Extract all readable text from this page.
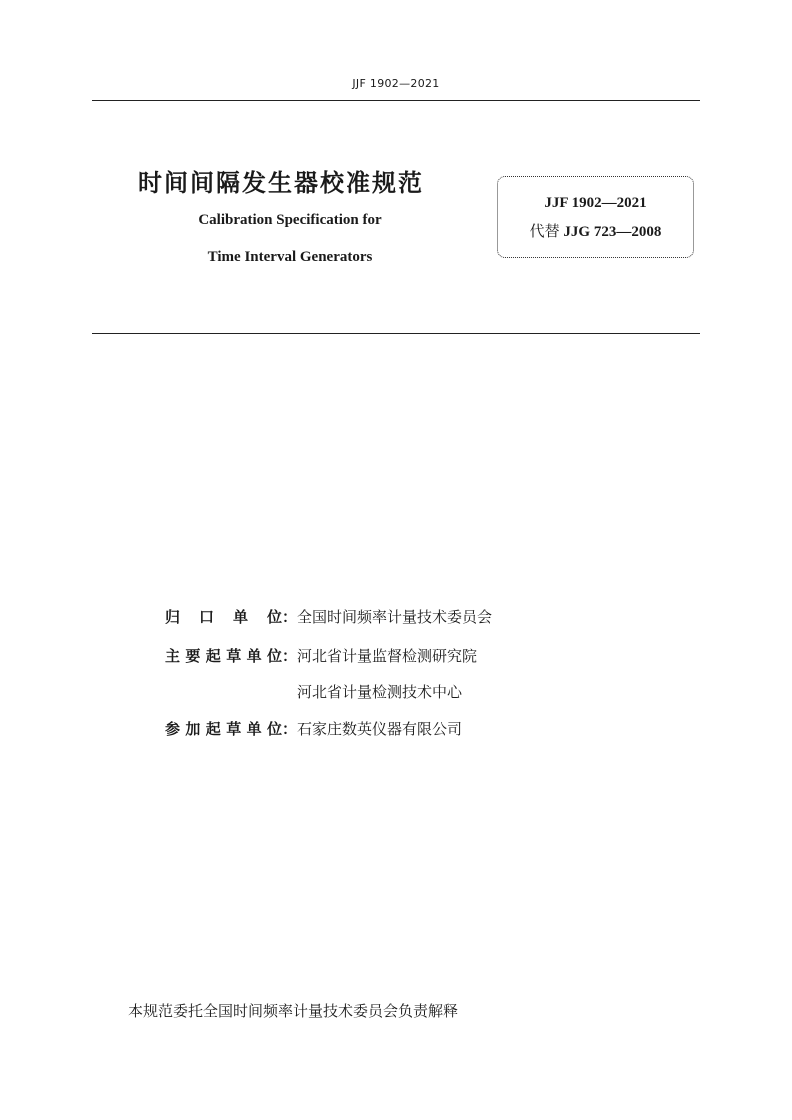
JJF 1902—2021
时间间隔发生器校准规范
Calibration Specification for
Time Interval Generators
JJF 1902—2021
代替 JJG 723—2008
归口单位：全国时间频率计量技术委员会
主要起草单位：河北省计量监督检测研究院
河北省计量检测技术中心
参加起草单位：石家庄数英仪器有限公司
本规范委托全国时间频率计量技术委员会负责解释
